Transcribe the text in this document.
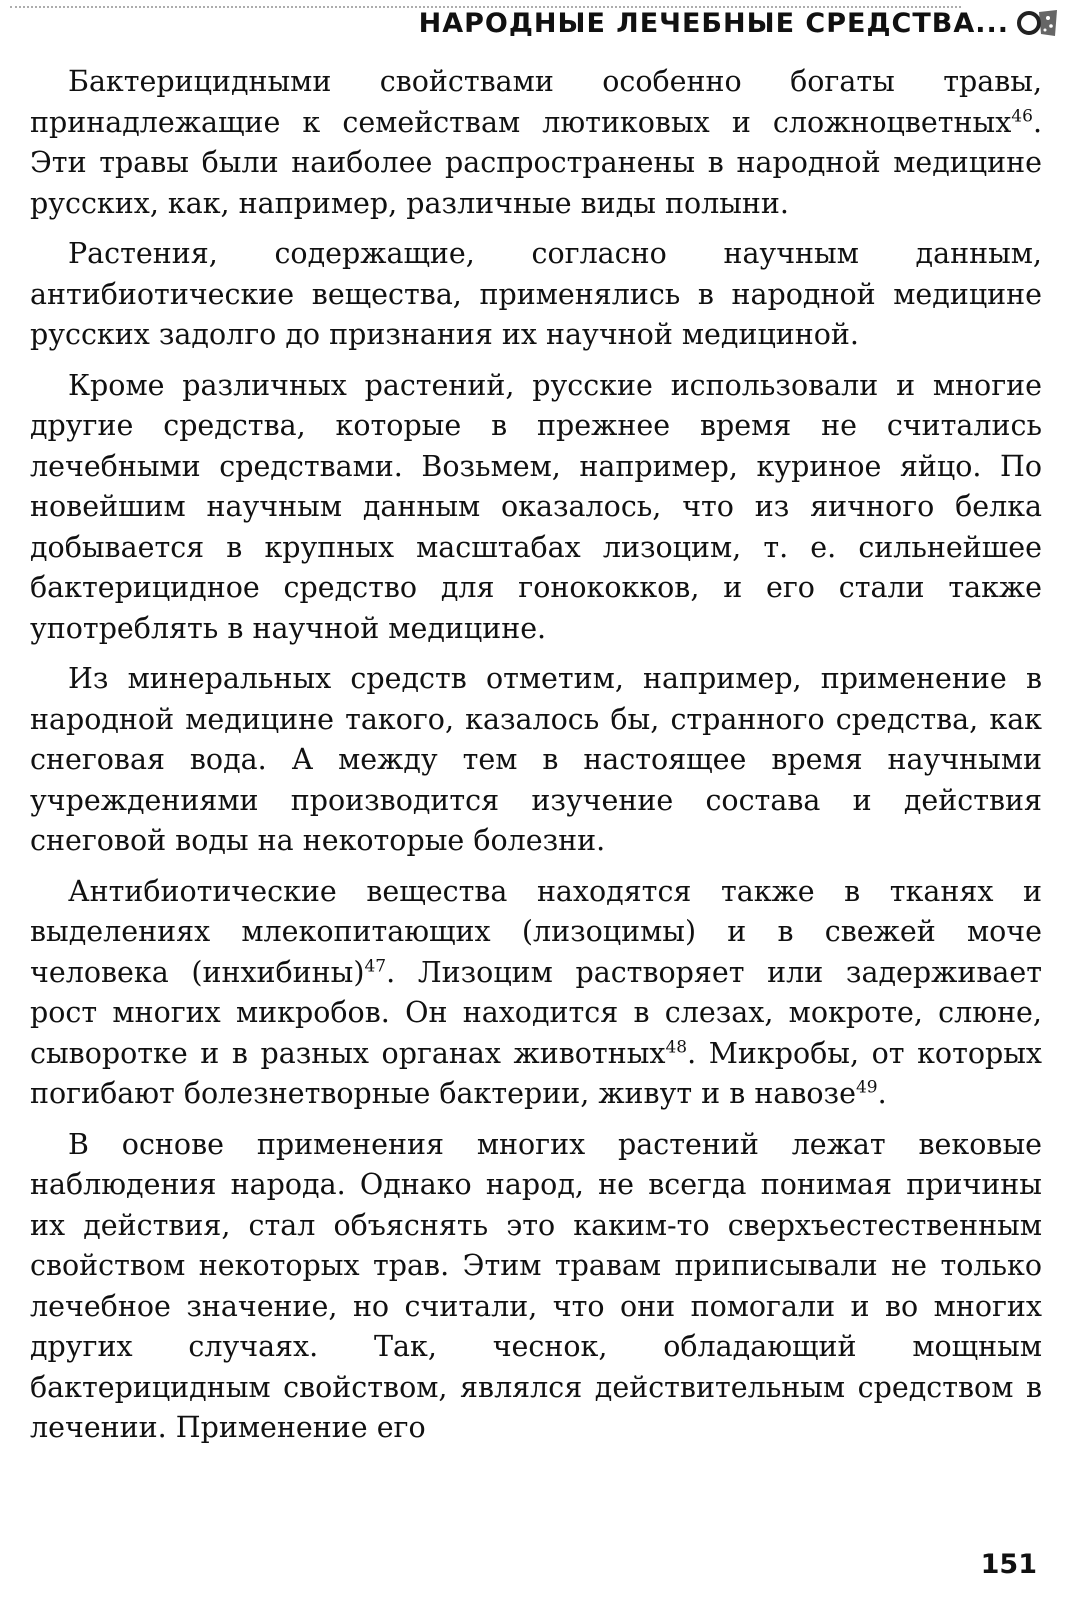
НАРОДНЫЕ ЛЕЧЕБНЫЕ СРЕДСТВА...

Бактерицидными свойствами особенно богаты травы, принадлежащие к семействам лютиковых и сложноцветных$^{46}$. Эти травы были наиболее распространены в народной медицине русских, как, например, различные виды полыни.

Растения, содержащие, согласно научным данным, антибиотические вещества, применялись в народной медицине русских задолго до признания их научной медициной.

Кроме различных растений, русские использовали и многие другие средства, которые в прежнее время не считались лечебными средствами. Возьмем, например, куриное яйцо. По новейшим научным данным оказалось, что из яичного белка добывается в крупных масштабах лизоцим, т. е. сильнейшее бактерицидное средство для гонококков, и его стали также употреблять в научной медицине.

Из минеральных средств отметим, например, применение в народной медицине такого, казалось бы, странного средства, как снеговая вода. А между тем в настоящее время научными учреждениями производится изучение состава и действия снеговой воды на некоторые болезни.

Антибиотические вещества находятся также в тканях и выделениях млекопитающих (лизоцимы) и в свежей моче человека (инхибины)$^{47}$. Лизоцим растворяет или задерживает рост многих микробов. Он находится в слезах, мокроте, слюне, сыворотке и в разных органах животных$^{48}$. Микробы, от которых погибают болезнетворные бактерии, живут и в навозе$^{49}$.

В основе применения многих растений лежат вековые наблюдения народа. Однако народ, не всегда понимая причины их действия, стал объяснять это каким-то сверхъестественным свойством некоторых трав. Этим травам приписывали не только лечебное значение, но считали, что они помогали и во многих других случаях. Так, чеснок, обладающий мощным бактерицидным свойством, являлся действительным средством в лечении. Применение его

151
